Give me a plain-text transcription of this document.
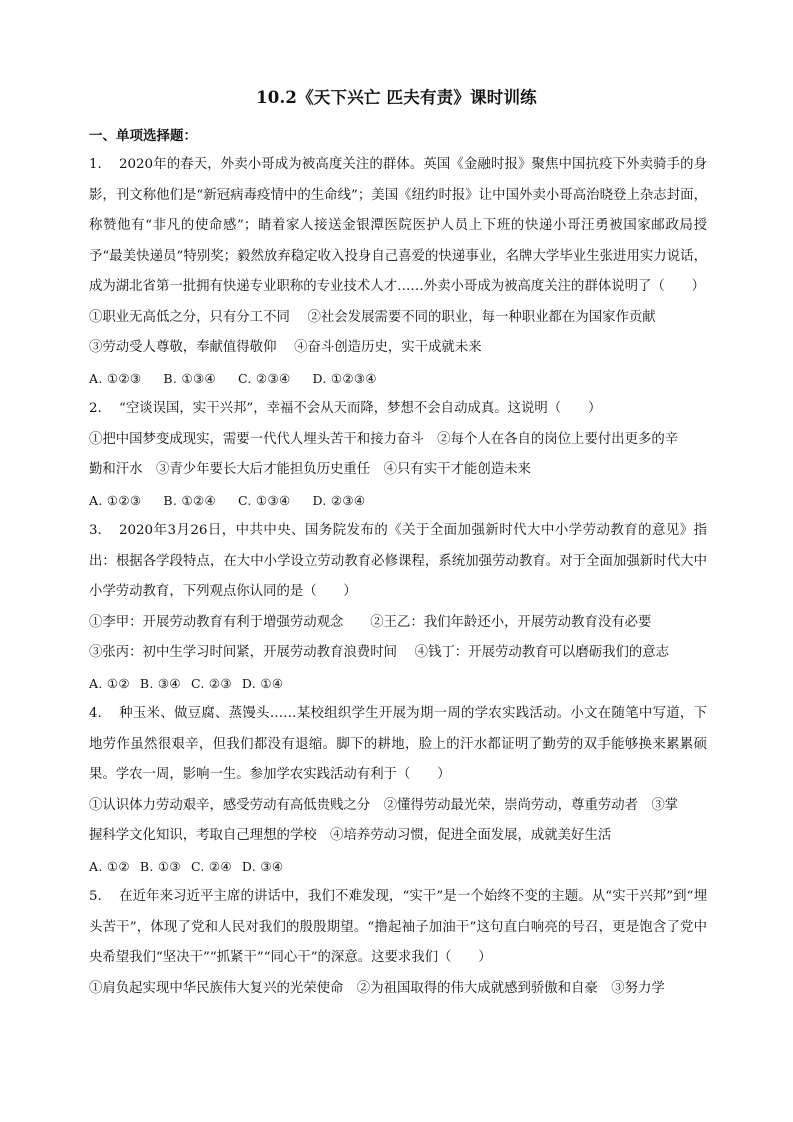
10.2《天下兴亡 匹夫有责》课时训练
一、单项选择题：

1. 2020年的春天，外卖小哥成为被高度关注的群体。英国《金融时报》聚焦中国抗疫下外卖骑手的身影，刊文称他们是“新冠病毒疫情中的生命线”；美国《纽约时报》让中国外卖小哥高治晓登上杂志封面，称赞他有“非凡的使命感”；睛着家人接送金银潭医院医护人员上下班的快递小哥汪勇被国家邮政局授予“最美快递员”特别奖；毅然放弃稳定收入投身自己喜爱的快递事业，名牌大学毕业生张进用实力说话，成为湖北省第一批拥有快递专业职称的专业技术人才……外卖小哥成为被高度关注的群体说明了（　　）

①职业无高低之分，只有分工不同　 ②社会发展需要不同的职业，每一种职业都在为国家作贡献

③劳动受人尊敬，奉献值得敬仰　 ④奋斗创造历史，实干成就未来

A. ①②③ B. ①③④ C. ②③④ D. ①②③④

2. “空谈误国，实干兴邦”，幸福不会从天而降，梦想不会自动成真。这说明（　　）

①把中国梦变成现实，需要一代代人埋头苦干和接力奋斗　②每个人在各自的岗位上要付出更多的辛

勤和汗水　③青少年要长大后才能担负历史重任　④只有实干才能创造未来

A. ①②③ B. ①②④ C. ①③④ D. ②③④

3. 2020年3月26日，中共中央、国务院发布的《关于全面加强新时代大中小学劳动教育的意见》指出：根据各学段特点，在大中小学设立劳动教育必修课程，系统加强劳动教育。对于全面加强新时代大中小学劳动教育，下列观点你认同的是（　　）

①李甲：开展劳动教育有利于增强劳动观念　　②王乙：我们年龄还小，开展劳动教育没有必要

③张丙：初中生学习时间紧，开展劳动教育浪费时间　 ④钱丁：开展劳动教育可以磨砺我们的意志

A. ①② B. ③④ C. ②③ D. ①④

4. 种玉米、做豆腐、蒸馒头……某校组织学生开展为期一周的学农实践活动。小文在随笔中写道，下地劳作虽然很艰辛，但我们都没有退缩。脚下的耕地，脸上的汗水都证明了勤劳的双手能够换来累累硕果。学农一周，影响一生。参加学农实践活动有利于（　　）

①认识体力劳动艰辛，感受劳动有高低贵贱之分　②懂得劳动最光荣，崇尚劳动，尊重劳动者　③掌

握科学文化知识，考取自己理想的学校　④培养劳动习惯，促进全面发展，成就美好生活

A. ①② B. ①③ C. ②④ D. ③④

5. 在近年来习近平主席的讲话中，我们不难发现，“实干”是一个始终不变的主题。从“实干兴邦”到“埋头苦干”，体现了党和人民对我们的殷殷期望。“撸起袖子加油干”这句直白响亮的号召，更是饱含了党中央希望我们“坚决干”“抓紧干”“同心干”的深意。这要求我们（　　）

①肩负起实现中华民族伟大复兴的光荣使命　②为祖国取得的伟大成就感到骄傲和自豪　③努力学
